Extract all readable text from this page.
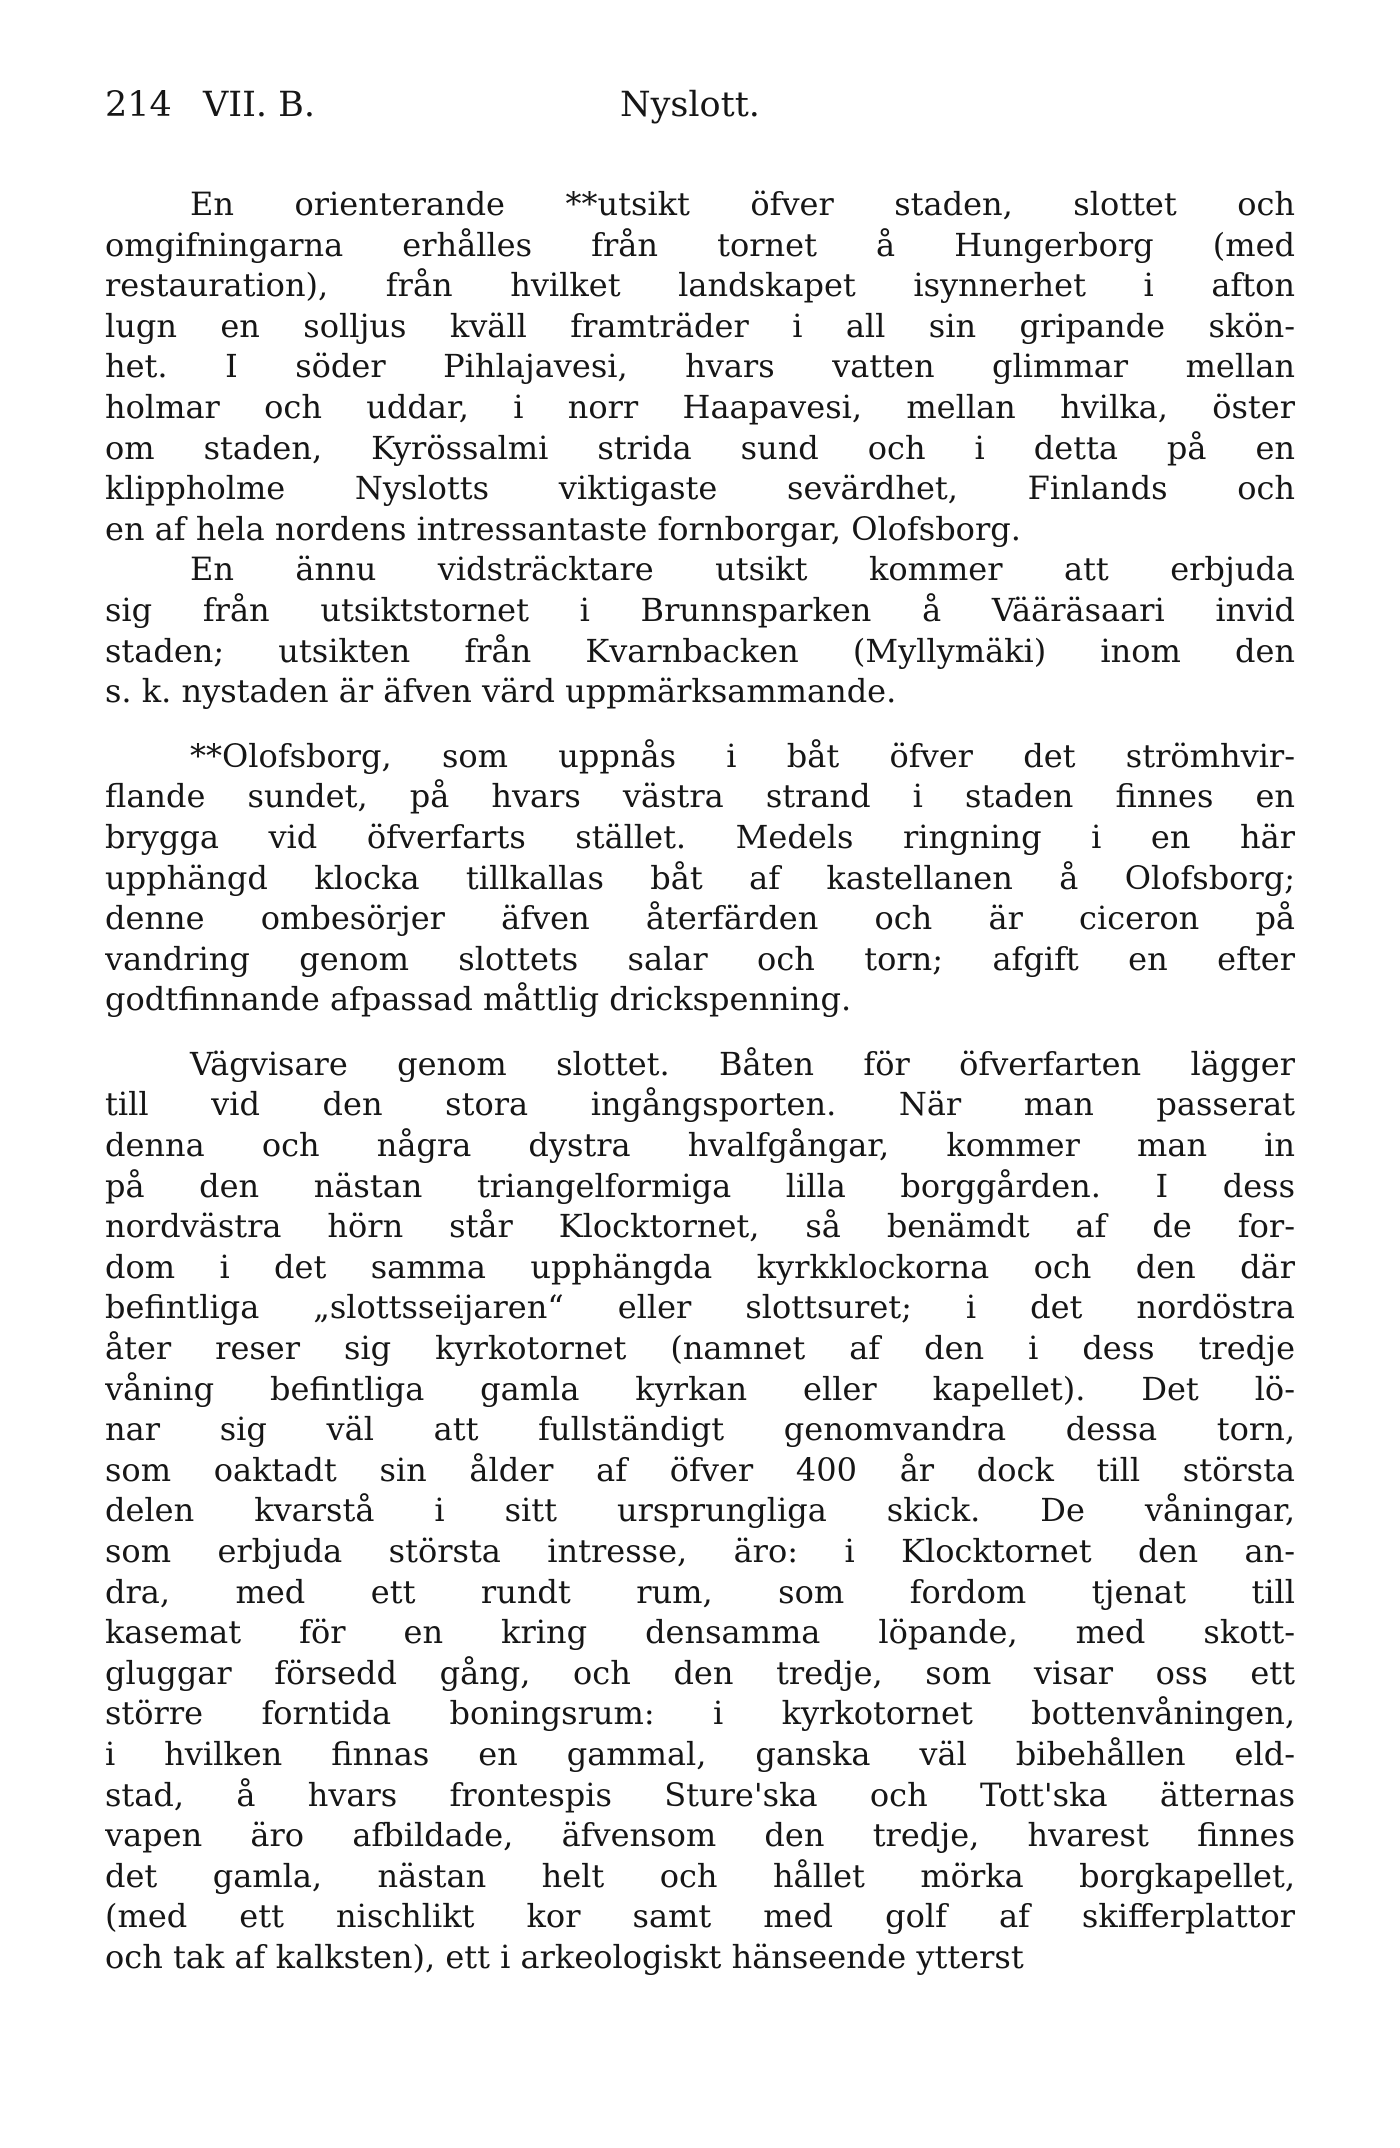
214 VII. B.	Nyslott.
En orienterande **utsikt öfver staden, slottet och
omgifningarna erhålles från tornet å Hungerborg (med
restauration), från hvilket landskapet isynnerhet i afton
lugn en solljus kväll framträder i all sin gripande skön-
het. I söder Pihlajavesi, hvars vatten glimmar mellan
holmar och uddar, i norr Haapavesi, mellan hvilka, öster
om staden, Kyrössalmi strida sund och i detta på en
klippholme Nyslotts viktigaste sevärdhet, Finlands och
en af hela nordens intressantaste fornborgar, Olofsborg.
En ännu vidsträcktare utsikt kommer att erbjuda
sig från utsiktstornet i Brunnsparken å Vääräsaari invid
staden; utsikten från Kvarnbacken (Myllymäki) inom den
s. k. nystaden är äfven värd uppmärksammande.
**Olofsborg, som uppnås i båt öfver det strömhvir-
flande sundet, på hvars västra strand i staden finnes en
brygga vid öfverfarts stället. Medels ringning i en här
upphängd klocka tillkallas båt af kastellanen å Olofsborg;
denne ombesörjer äfven återfärden och är ciceron på
vandring genom slottets salar och torn; afgift en efter
godtfinnande afpassad måttlig drickspenning.
Vägvisare genom slottet. Båten för öfverfarten lägger
till vid den stora ingångsporten. När man passerat
denna och några dystra hvalfgångar, kommer man in
på den nästan triangelformiga lilla borggården. I dess
nordvästra hörn står Klocktornet, så benämdt af de for-
dom i det samma upphängda kyrkklockorna och den där
befintliga „slottsseijaren“ eller slottsuret; i det nordöstra
åter reser sig kyrkotornet (namnet af den i dess tredje
våning befintliga gamla kyrkan eller kapellet). Det lö-
nar sig väl att fullständigt genomvandra dessa torn,
som oaktadt sin ålder af öfver 400 år dock till största
delen kvarstå i sitt ursprungliga skick. De våningar,
som erbjuda största intresse, äro: i Klocktornet den an-
dra, med ett rundt rum, som fordom tjenat till
kasemat för en kring densamma löpande, med skott-
gluggar försedd gång, och den tredje, som visar oss ett
större forntida boningsrum: i kyrkotornet bottenvåningen,
i hvilken finnas en gammal, ganska väl bibehållen eld-
stad, å hvars frontespis Sture'ska och Tott'ska ätternas
vapen äro afbildade, äfvensom den tredje, hvarest finnes
det gamla, nästan helt och hållet mörka borgkapellet,
(med ett nischlikt kor samt med golf af skifferplattor
och tak af kalksten), ett i arkeologiskt hänseende ytterst
